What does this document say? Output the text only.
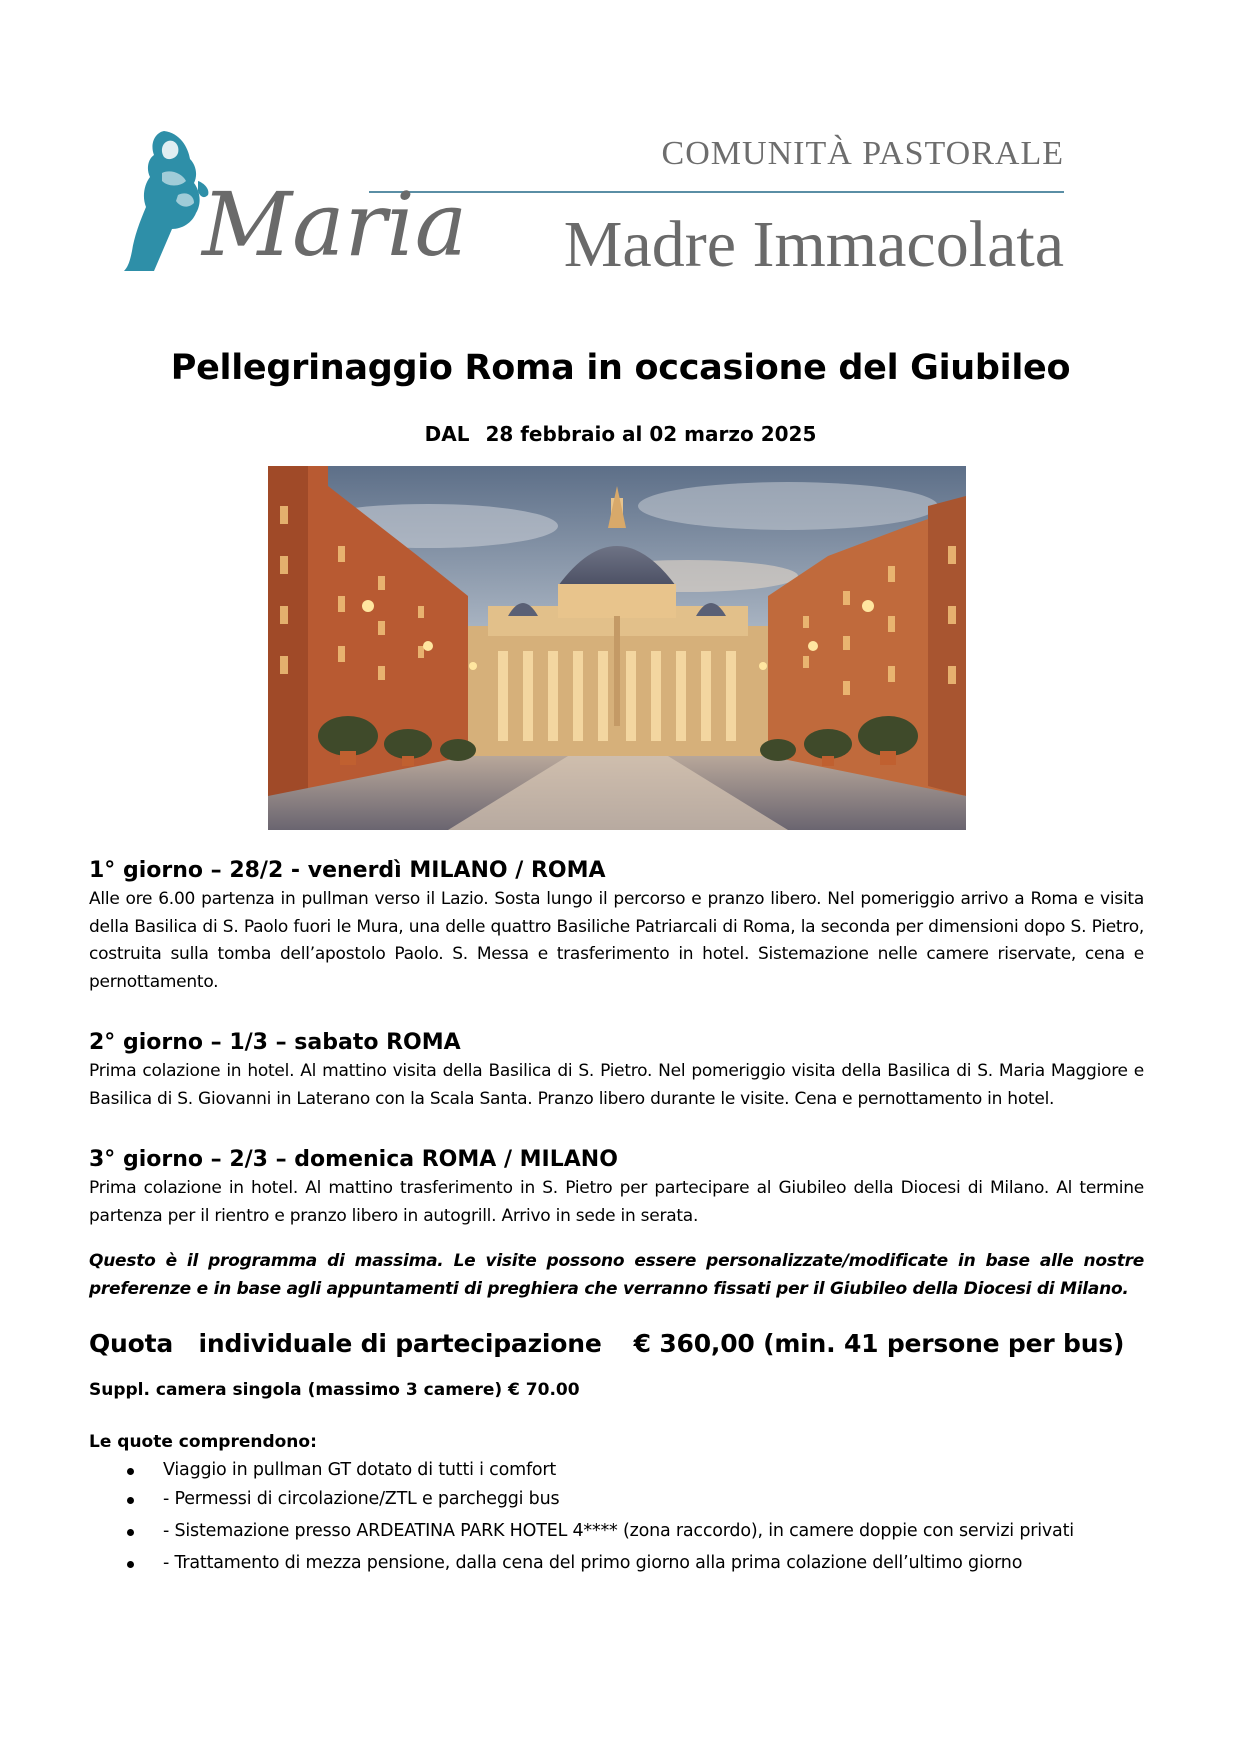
COMUNITÀ PASTORALE
Maria Madre Immacolata
Pellegrinaggio Roma in occasione del Giubileo
DAL 28 febbraio al 02 marzo 2025

1° giorno – 28/2 - venerdì MILANO / ROMA

Alle ore 6.00 partenza in pullman verso il Lazio. Sosta lungo il percorso e pranzo libero. Nel pomeriggio arrivo a Roma e visita della Basilica di S. Paolo fuori le Mura, una delle quattro Basiliche Patriarcali di Roma, la seconda per dimensioni dopo S. Pietro, costruita sulla tomba dell’apostolo Paolo. S. Messa e trasferimento in hotel. Sistemazione nelle camere riservate, cena e pernottamento.

2° giorno – 1/3 – sabato ROMA

Prima colazione in hotel. Al mattino visita della Basilica di S. Pietro. Nel pomeriggio visita della Basilica di S. Maria Maggiore e Basilica di S. Giovanni in Laterano con la Scala Santa. Pranzo libero durante le visite. Cena e pernottamento in hotel.

3° giorno – 2/3 – domenica ROMA / MILANO

Prima colazione in hotel. Al mattino trasferimento in S. Pietro per partecipare al Giubileo della Diocesi di Milano. Al termine partenza per il rientro e pranzo libero in autogrill. Arrivo in sede in serata.

Questo è il programma di massima. Le visite possono essere personalizzate/modificate in base alle nostre preferenze e in base agli appuntamenti di preghiera che verranno fissati per il Giubileo della Diocesi di Milano.

Quota   individuale di partecipazione € 360,00 (min. 41 persone per bus)

Suppl. camera singola (massimo 3 camere) € 70.00

Le quote comprendono:

Viaggio in pullman GT dotato di tutti i comfort
- Permessi di circolazione/ZTL e parcheggi bus
- Sistemazione presso ARDEATINA PARK HOTEL 4**** (zona raccordo), in camere doppie con servizi privati
- Trattamento di mezza pensione, dalla cena del primo giorno alla prima colazione dell’ultimo giorno
